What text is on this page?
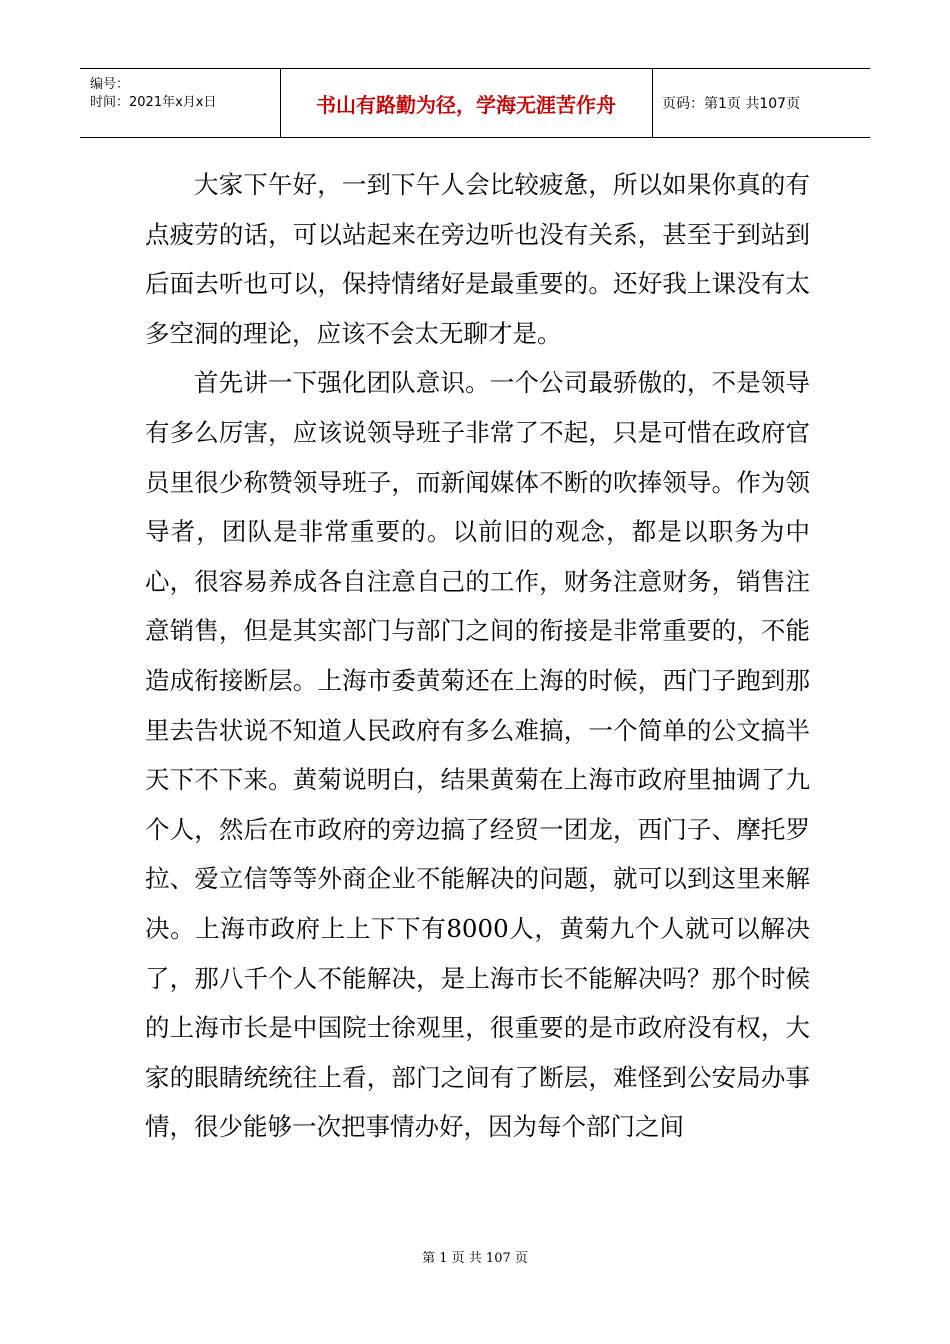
编号：
时间：2021年x月x日	书山有路勤为径，学海无涯苦作舟	页码：第1页 共107页

大家下午好，一到下午人会比较疲惫，所以如果你真的有点疲劳的话，可以站起来在旁边听也没有关系，甚至于到站到后面去听也可以，保持情绪好是最重要的。还好我上课没有太多空洞的理论，应该不会太无聊才是。

首先讲一下强化团队意识。一个公司最骄傲的，不是领导有多么厉害，应该说领导班子非常了不起，只是可惜在政府官员里很少称赞领导班子，而新闻媒体不断的吹捧领导。作为领导者，团队是非常重要的。以前旧的观念，都是以职务为中心，很容易养成各自注意自己的工作，财务注意财务，销售注意销售，但是其实部门与部门之间的衔接是非常重要的，不能造成衔接断层。上海市委黄菊还在上海的时候，西门子跑到那里去告状说不知道人民政府有多么难搞，一个简单的公文搞半天下不下来。黄菊说明白，结果黄菊在上海市政府里抽调了九个人，然后在市政府的旁边搞了经贸一团龙，西门子、摩托罗拉、爱立信等等外商企业不能解决的问题，就可以到这里来解决。上海市政府上上下下有8000人，黄菊九个人就可以解决了，那八千个人不能解决，是上海市长不能解决吗？那个时候的上海市长是中国院士徐观里，很重要的是市政府没有权，大家的眼睛统统往上看，部门之间有了断层，难怪到公安局办事情，很少能够一次把事情办好，因为每个部门之间

第 1 页 共 107 页
